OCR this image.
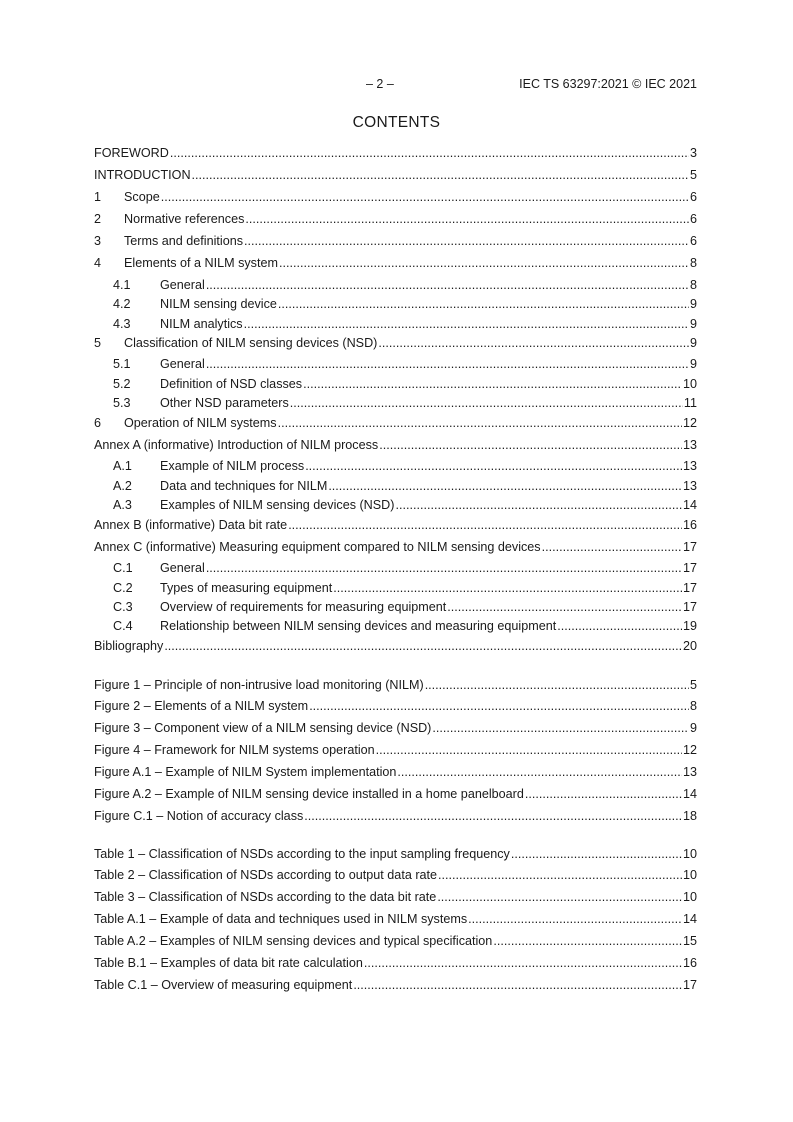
– 2 –	IEC TS 63297:2021 © IEC 2021
CONTENTS
FOREWORD .....	3
INTRODUCTION .....	5
1	Scope .....	6
2	Normative references .....	6
3	Terms and definitions .....	6
4	Elements of a NILM system .....	8
4.1	General .....	8
4.2	NILM sensing device .....	9
4.3	NILM analytics .....	9
5	Classification of NILM sensing devices (NSD) .....	9
5.1	General .....	9
5.2	Definition of NSD classes .....	10
5.3	Other NSD parameters .....	11
6	Operation of NILM systems .....	12
Annex A (informative) Introduction of NILM process .....	13
A.1	Example of NILM process .....	13
A.2	Data and techniques for NILM .....	13
A.3	Examples of NILM sensing devices (NSD) .....	14
Annex B (informative) Data bit rate .....	16
Annex C (informative) Measuring equipment compared to NILM sensing devices .....	17
C.1	General .....	17
C.2	Types of measuring equipment .....	17
C.3	Overview of requirements for measuring equipment .....	17
C.4	Relationship between NILM sensing devices and measuring equipment .....	19
Bibliography .....	20
Figure 1 – Principle of non-intrusive load monitoring (NILM) .....	5
Figure 2 – Elements of a NILM system .....	8
Figure 3 – Component view of a NILM sensing device (NSD) .....	9
Figure 4 – Framework for NILM systems operation .....	12
Figure A.1 – Example of NILM System implementation .....	13
Figure A.2 – Example of NILM sensing device installed in a home panelboard .....	14
Figure C.1 – Notion of accuracy class .....	18
Table 1 – Classification of NSDs according to the input sampling frequency .....	10
Table 2 – Classification of NSDs according to output data rate .....	10
Table 3 – Classification of NSDs according to the data bit rate .....	10
Table A.1 – Example of data and techniques used in NILM systems .....	14
Table A.2 – Examples of NILM sensing devices and typical specification .....	15
Table B.1 – Examples of data bit rate calculation .....	16
Table C.1 – Overview of measuring equipment .....	17
